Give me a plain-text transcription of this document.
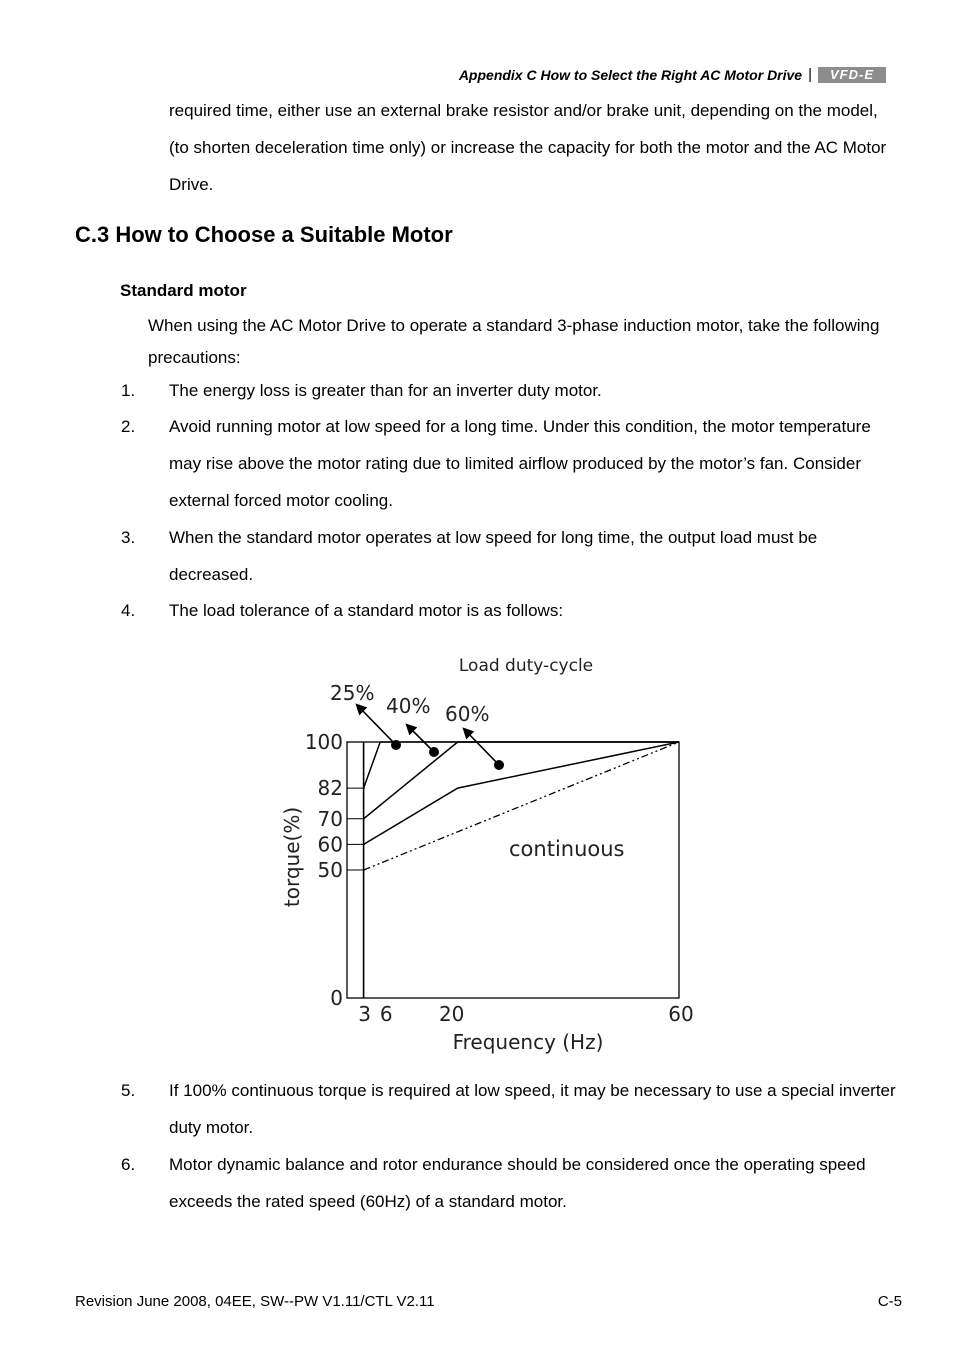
Appendix C How to Select the Right AC Motor Drive |	VFD-E
required time, either use an external brake resistor and/or brake unit, depending on the model, (to shorten deceleration time only) or increase the capacity for both the motor and the AC Motor Drive.
C.3 How to Choose a Suitable Motor
Standard motor
When using the AC Motor Drive to operate a standard 3-phase induction motor, take the following precautions:
1. The energy loss is greater than for an inverter duty motor.
2. Avoid running motor at low speed for a long time. Under this condition, the motor temperature may rise above the motor rating due to limited airflow produced by the motor’s fan. Consider external forced motor cooling.
3. When the standard motor operates at low speed for long time, the output load must be decreased.
4. The load tolerance of a standard motor is as follows:
Load duty-cycle
0
50
60
70
82
100
3 6 20	60
25%
40% 60%
continuous
torque(%)
Frequency (Hz)
5. If 100% continuous torque is required at low speed, it may be necessary to use a special inverter duty motor.
6. Motor dynamic balance and rotor endurance should be considered once the operating speed exceeds the rated speed (60Hz) of a standard motor.
Revision June 2008, 04EE, SW--PW V1.11/CTL V2.11	C-5
